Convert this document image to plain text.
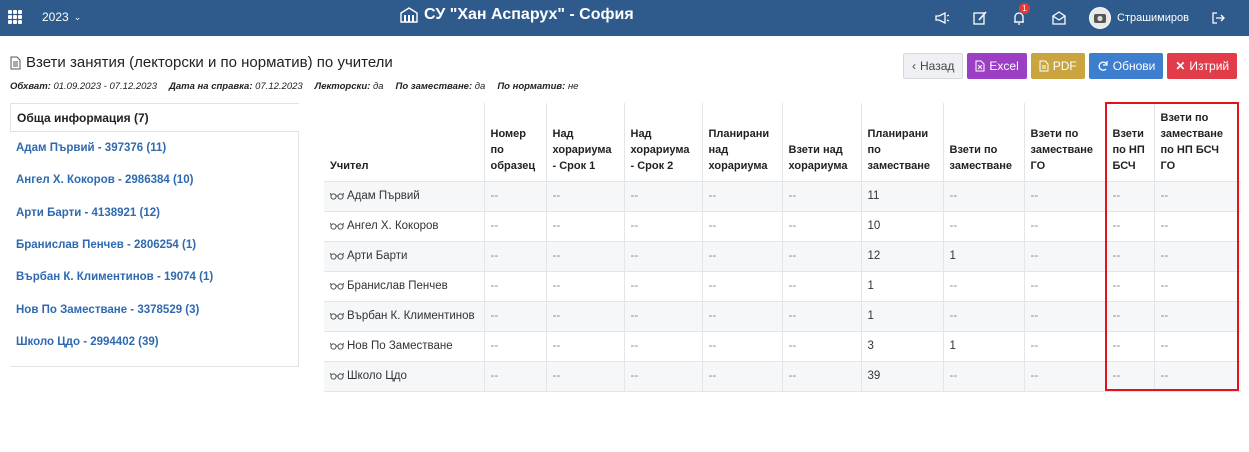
2023 ⌄	СУ "Хан Аспарух" - София	1
Страшимиров
Взети занятия (лекторски и по норматив) по учители
Обхват: 01.09.2023 - 07.12.2023 Дата на справка: 07.12.2023 Лекторски: да По заместване: да По норматив: не
‹ Назад	Excel	PDF	Обнови ✕ Изтрий
Обща информация (7)
Адам Първий - 397376 (11)
Ангел Х. Кокоров - 2986384 (10)
Арти Барти - 4138921 (12)
Бранислав Пенчев - 2806254 (1)
Върбан К. Климентинов - 19074 (1)
Нов По Заместване - 3378529 (3)
Школо Цдо - 2994402 (39)
Учител	Номер по образец	Над хорариума - Срок 1	Над хорариума - Срок 2	Планирани над хорариума	Взети над хорариума	Планирани по заместване	Взети по заместване	Взети по заместване ГО	Взети по НП БСЧ	Взети по заместване по НП БСЧ ГО

Адам Първий	--	--	--	--	--	11	--	--	--	--

Ангел Х. Кокоров	--	--	--	--	--	10	--	--	--	--

Арти Барти	--	--	--	--	--	12	1	--	--	--

Бранислав Пенчев	--	--	--	--	--	1	--	--	--	--

Върбан К. Климентинов	--	--	--	--	--	1	--	--	--	--

Нов По Заместване	--	--	--	--	--	3	1	--	--	--

Школо Цдо	--	--	--	--	--	39	--	--	--	--
